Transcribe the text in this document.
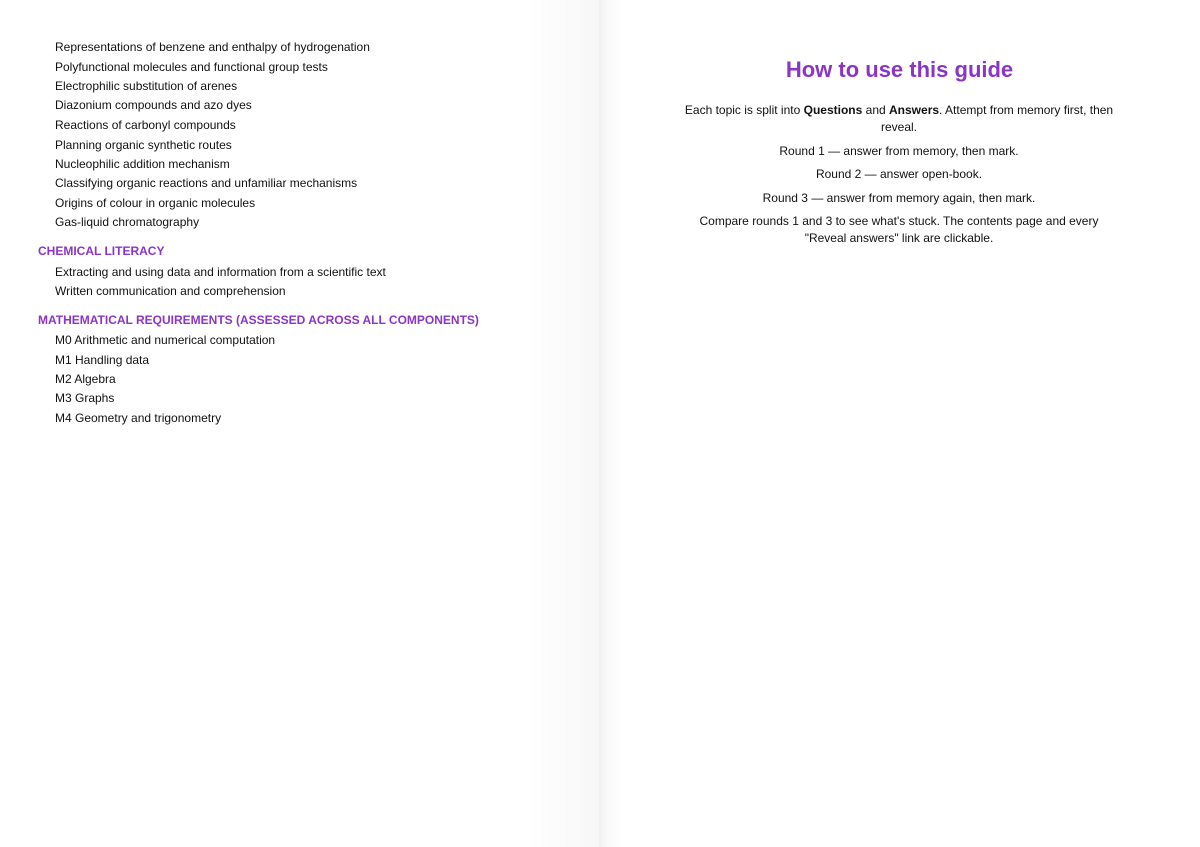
Representations of benzene and enthalpy of hydrogenation
Polyfunctional molecules and functional group tests
Electrophilic substitution of arenes
Diazonium compounds and azo dyes
Reactions of carbonyl compounds
Planning organic synthetic routes
Nucleophilic addition mechanism
Classifying organic reactions and unfamiliar mechanisms
Origins of colour in organic molecules
Gas-liquid chromatography
CHEMICAL LITERACY
Extracting and using data and information from a scientific text
Written communication and comprehension
MATHEMATICAL REQUIREMENTS (ASSESSED ACROSS ALL COMPONENTS)
M0 Arithmetic and numerical computation
M1 Handling data
M2 Algebra
M3 Graphs
M4 Geometry and trigonometry
How to use this guide

Each topic is split into Questions and Answers. Attempt from memory first, then reveal.

Round 1 — answer from memory, then mark.

Round 2 — answer open-book.

Round 3 — answer from memory again, then mark.

Compare rounds 1 and 3 to see what's stuck. The contents page and every "Reveal answers" link are clickable.
